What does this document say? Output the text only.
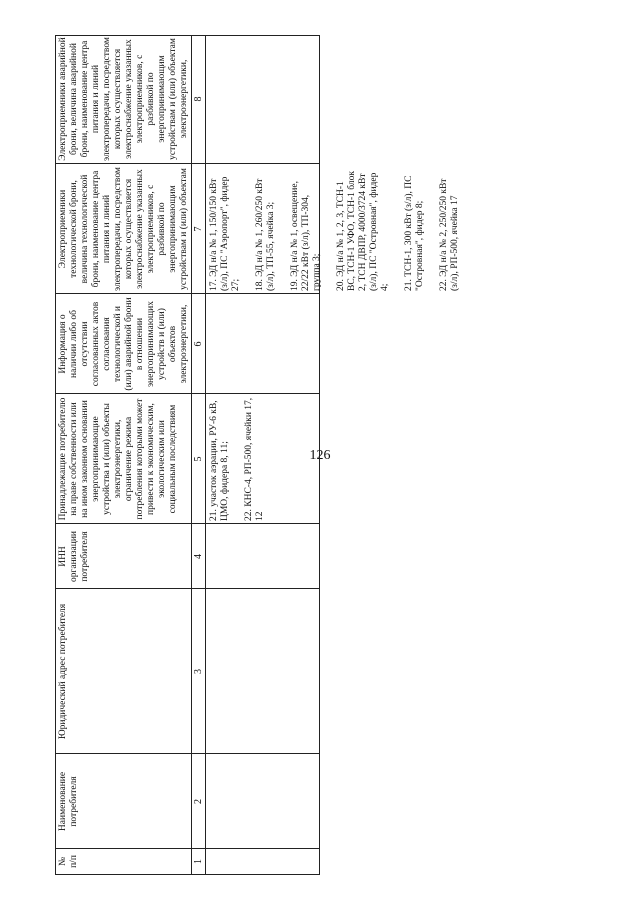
126
№ п/п
Наименование потребителя
Юридический адрес потребителя
ИНН организации потребителя
Принадлежащие потребителю на праве собственности или на ином законном основании энергопринимающие устройства и (или) объекты электроэнергетики, ограничение режима потребления которыми может привести к экономическим, экологическим или социальным последствиям
Информация о наличии либо об отсутствии согласованных актов согласования технологической и (или) аварийной брони в отношении энергопринимающих устройств и (или) объектов электроэнергетики,
Электроприемники технологической брони, величина технологической брони, наименование центра питания и линий электропередачи, посредством которых осуществляется электроснабжение указанных электроприемников, с разбивкой по энергопринимающим устройствам и (или) объектам
Электроприемники аварийной брони, величина аварийной брони, наименование центра питания и линий электропередачи, посредством которых осуществляется электроснабжение указанных электроприемников, с разбивкой по энергопринимающим устройствам и (или) объектам электроэнергетики,
1
2
3
4
5
6
7
8
21. участок аэрации, РУ-6 кВ, ЦМО, фидера 8, 11; 22. КНС-4, РП-500, ячейки 17, 12
17. ЭД н/а № 1, 150/150 кВт (з/л), ПС "Аэропорт", фидер 27; 18. ЭД н/а № 1, 260/250 кВт (з/л), ТП-55, ячейка 3; 19. ЭД н/а № 1, освещение, 22/22 кВт (з/л), ТП-304, группа 3; 20. ЭД н/а № 1, 2, 3, ТСН-1 ВС, ТСН-1 УФО, ТСН-1 блок 2, ТСН ДВПР, 4000/3724 кВт (з/л), ПС "Островная", фидер 4; 21. ТСН-1, 300 кВт (з/л), ПС "Островная", фидер 8; 22. ЭД н/а № 2, 250/250 кВт (з/л), РП-500, ячейка 17
